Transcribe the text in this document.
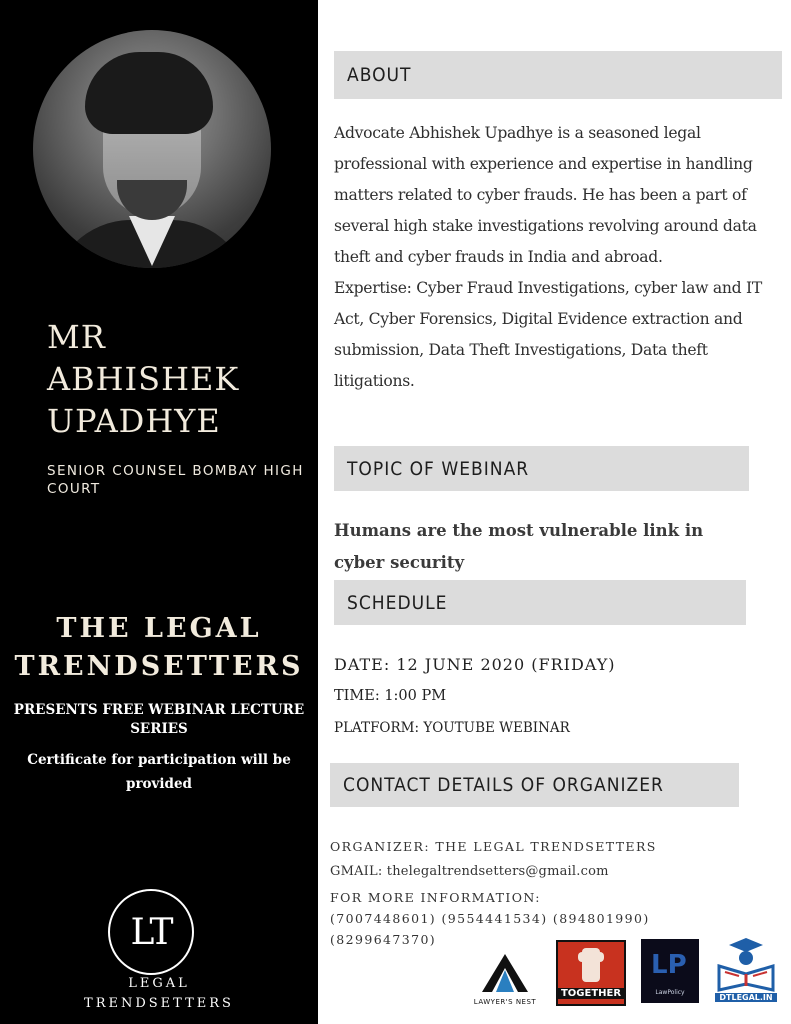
MR
ABHISHEK
UPADHYE
SENIOR COUNSEL BOMBAY HIGH COURT
THE LEGAL
TRENDSETTERS
PRESENTS FREE WEBINAR LECTURE SERIES
Certificate for participation will be provided
LT
LEGAL
TRENDSETTERS
ABOUT

Advocate Abhishek Upadhye is a seasoned legal professional with experience and expertise in handling matters related to cyber frauds. He has been a part of several high stake investigations revolving around data theft and cyber frauds in India and abroad.

Expertise: Cyber Fraud Investigations, cyber law and IT Act, Cyber Forensics, Digital Evidence extraction and submission, Data Theft Investigations, Data theft litigations.

TOPIC OF WEBINAR
Humans are the most vulnerable link in cyber security
SCHEDULE
DATE: 12 JUNE 2020 (FRIDAY)
TIME: 1:00 PM
PLATFORM: YOUTUBE WEBINAR
CONTACT DETAILS OF ORGANIZER
ORGANIZER: THE LEGAL TRENDSETTERS
GMAIL: thelegaltrendsetters@gmail.com
FOR MORE INFORMATION:
(7007448601) (9554441534) (894801990)
(8299647370)
LAWYER'S NEST
TOGETHER
LP
LawPolicy
DTLEGAL.IN
